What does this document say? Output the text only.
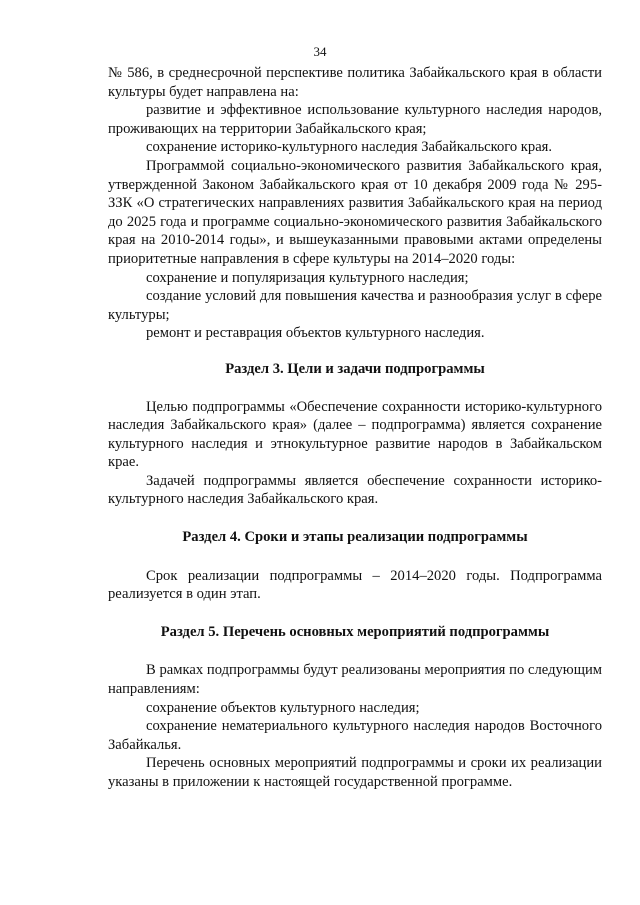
34

№ 586, в среднесрочной перспективе политика Забайкальского края в области культуры будет направлена на:

развитие и эффективное использование культурного наследия народов, проживающих на территории Забайкальского края;

сохранение историко-культурного наследия Забайкальского края.

Программой социально-экономического развития Забайкальского края, утвержденной Законом Забайкальского края от 10 декабря 2009 года № 295-ЗЗК «О стратегических направлениях развития Забайкальского края на период до 2025 года и программе социально-экономического развития Забайкальского края на 2010-2014 годы», и вышеуказанными правовыми актами определены приоритетные направления в сфере культуры на 2014–2020 годы:

сохранение и популяризация культурного наследия;

создание условий для повышения качества и разнообразия услуг в сфере культуры;

ремонт и реставрация объектов культурного наследия.

Раздел 3. Цели и задачи подпрограммы

Целью подпрограммы «Обеспечение сохранности историко-культурного наследия Забайкальского края» (далее – подпрограмма) является сохранение культурного наследия и этнокультурное развитие народов в Забайкальском крае.

Задачей подпрограммы является обеспечение сохранности историко-культурного наследия Забайкальского края.

Раздел 4. Сроки и этапы реализации подпрограммы

Срок реализации подпрограммы – 2014–2020 годы. Подпрограмма реализуется в один этап.

Раздел 5. Перечень основных мероприятий подпрограммы

В рамках подпрограммы будут реализованы мероприятия по следующим направлениям:

сохранение объектов культурного наследия;

сохранение нематериального культурного наследия народов Восточного Забайкалья.

Перечень основных мероприятий подпрограммы и сроки их реализации указаны в приложении к настоящей государственной программе.
